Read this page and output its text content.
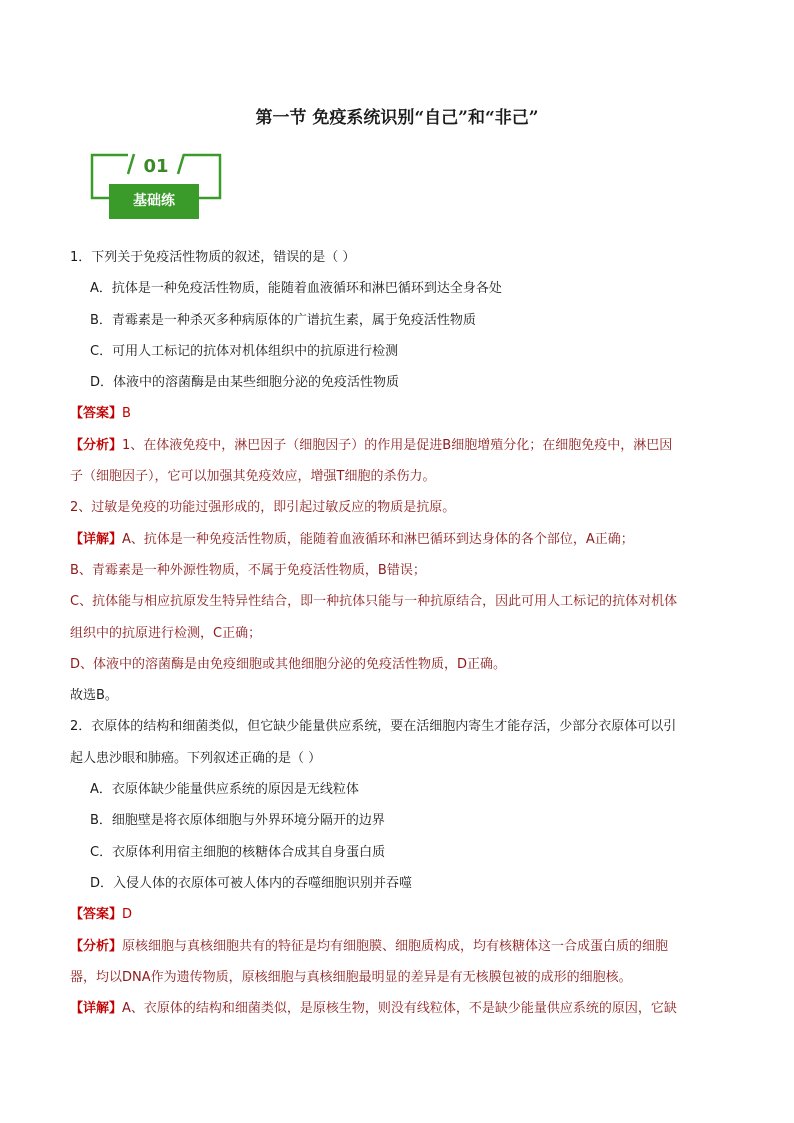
第一节 免疫系统识别“自己”和“非己”
01
基础练
1．下列关于免疫活性物质的叙述，错误的是（ ）
A．抗体是一种免疫活性物质，能随着血液循环和淋巴循环到达全身各处
B．青霉素是一种杀灭多种病原体的广谱抗生素，属于免疫活性物质
C．可用人工标记的抗体对机体组织中的抗原进行检测
D．体液中的溶菌酶是由某些细胞分泌的免疫活性物质
【答案】B
【分析】1、在体液免疫中，淋巴因子（细胞因子）的作用是促进B细胞增殖分化；在细胞免疫中，淋巴因
子（细胞因子），它可以加强其免疫效应，增强T细胞的杀伤力。
2、过敏是免疫的功能过强形成的，即引起过敏反应的物质是抗原。
【详解】A、抗体是一种免疫活性物质，能随着血液循环和淋巴循环到达身体的各个部位，A正确；
B、青霉素是一种外源性物质，不属于免疫活性物质，B错误；
C、抗体能与相应抗原发生特异性结合，即一种抗体只能与一种抗原结合，因此可用人工标记的抗体对机体
组织中的抗原进行检测，C正确；
D、体液中的溶菌酶是由免疫细胞或其他细胞分泌的免疫活性物质，D正确。
故选B。
2．衣原体的结构和细菌类似，但它缺少能量供应系统，要在活细胞内寄生才能存活，少部分衣原体可以引
起人患沙眼和肺癌。下列叙述正确的是（ ）
A．衣原体缺少能量供应系统的原因是无线粒体
B．细胞壁是将衣原体细胞与外界环境分隔开的边界
C．衣原体利用宿主细胞的核糖体合成其自身蛋白质
D．入侵人体的衣原体可被人体内的吞噬细胞识别并吞噬
【答案】D
【分析】原核细胞与真核细胞共有的特征是均有细胞膜、细胞质构成，均有核糖体这一合成蛋白质的细胞
器，均以DNA作为遗传物质，原核细胞与真核细胞最明显的差异是有无核膜包被的成形的细胞核。
【详解】A、衣原体的结构和细菌类似，是原核生物，则没有线粒体，不是缺少能量供应系统的原因，它缺
